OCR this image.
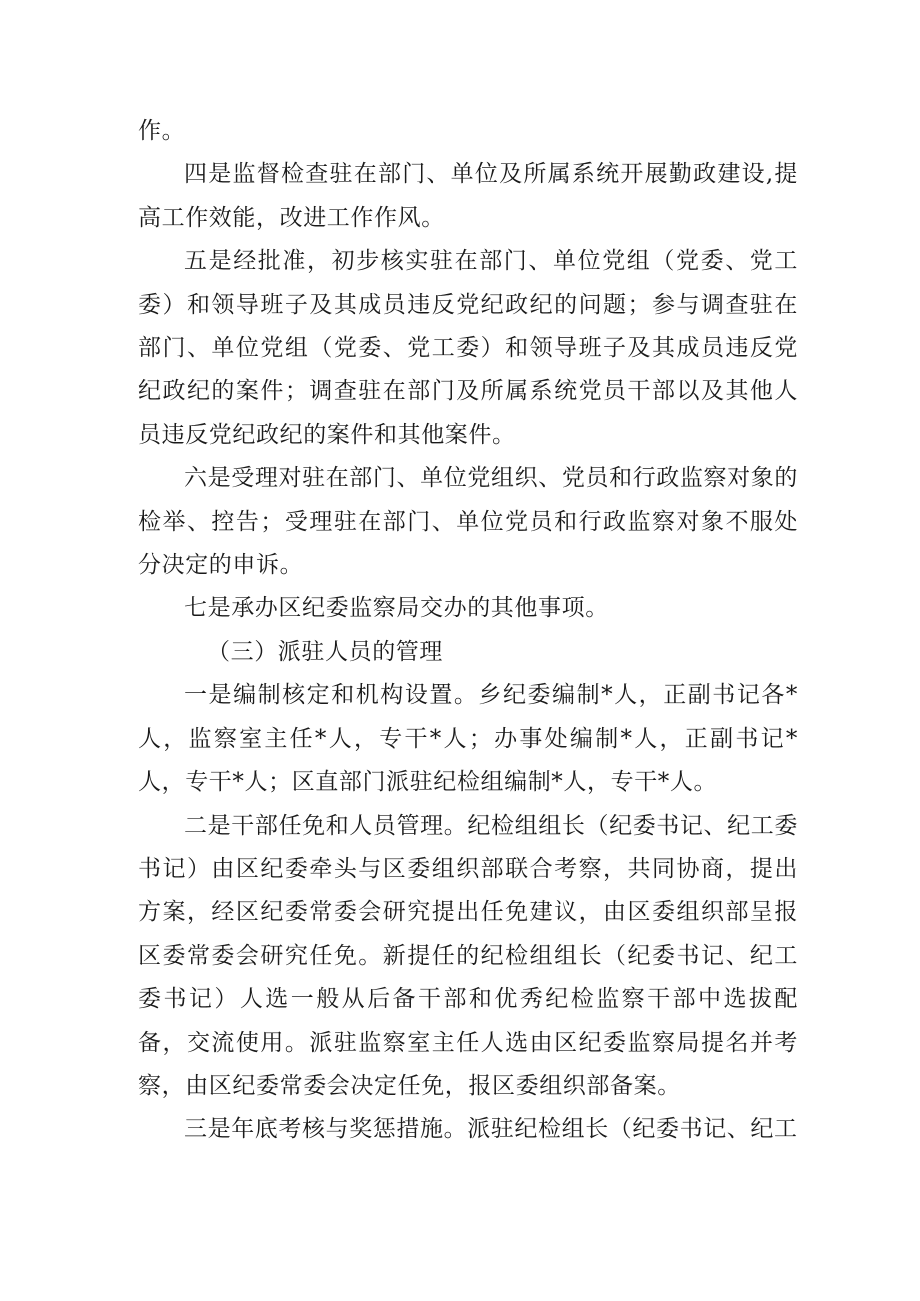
作。

四是监督检查驻在部门、单位及所属系统开展勤政建设,提高工作效能，改进工作作风。

五是经批准，初步核实驻在部门、单位党组（党委、党工委）和领导班子及其成员违反党纪政纪的问题；参与调查驻在部门、单位党组（党委、党工委）和领导班子及其成员违反党纪政纪的案件；调查驻在部门及所属系统党员干部以及其他人员违反党纪政纪的案件和其他案件。

六是受理对驻在部门、单位党组织、党员和行政监察对象的检举、控告；受理驻在部门、单位党员和行政监察对象不服处分决定的申诉。

七是承办区纪委监察局交办的其他事项。

（三）派驻人员的管理

一是编制核定和机构设置。乡纪委编制*人，正副书记各*人，监察室主任*人，专干*人；办事处编制*人，正副书记*人，专干*人；区直部门派驻纪检组编制*人，专干*人。

二是干部任免和人员管理。纪检组组长（纪委书记、纪工委书记）由区纪委牵头与区委组织部联合考察，共同协商，提出方案，经区纪委常委会研究提出任免建议，由区委组织部呈报区委常委会研究任免。新提任的纪检组组长（纪委书记、纪工委书记）人选一般从后备干部和优秀纪检监察干部中选拔配备，交流使用。派驻监察室主任人选由区纪委监察局提名并考察，由区纪委常委会决定任免，报区委组织部备案。

三是年底考核与奖惩措施。派驻纪检组长（纪委书记、纪工
